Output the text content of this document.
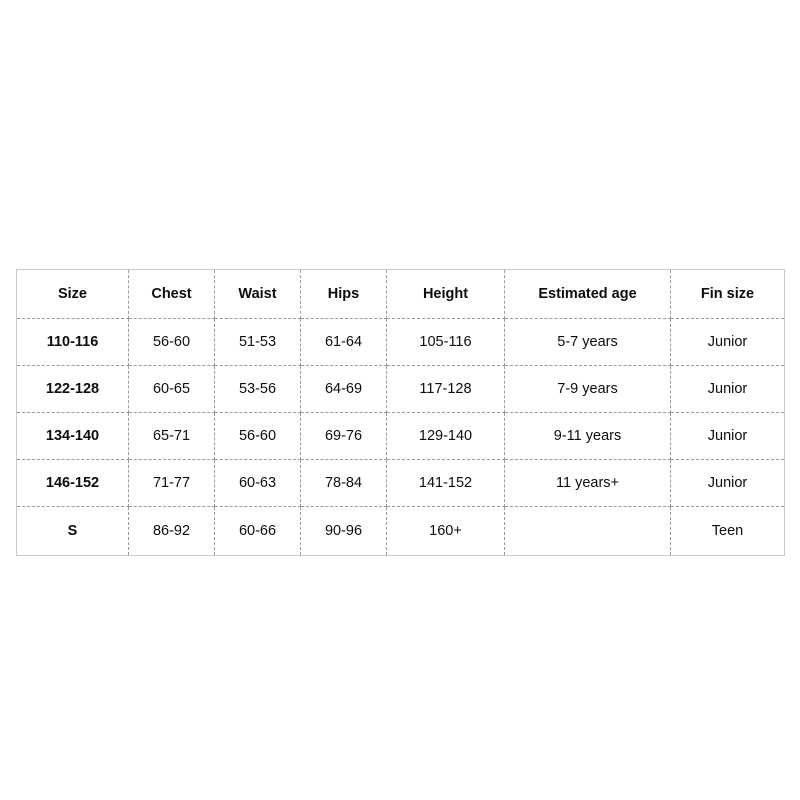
Size	Chest	Waist	Hips	Height	Estimated age	Fin size
110-116	56-60	51-53	61-64	105-116	5-7 years	Junior
122-128	60-65	53-56	64-69	117-128	7-9 years	Junior
134-140	65-71	56-60	69-76	129-140	9-11 years	Junior
146-152	71-77	60-63	78-84	141-152	11 years+	Junior
S	86-92	60-66	90-96	160+		Teen
